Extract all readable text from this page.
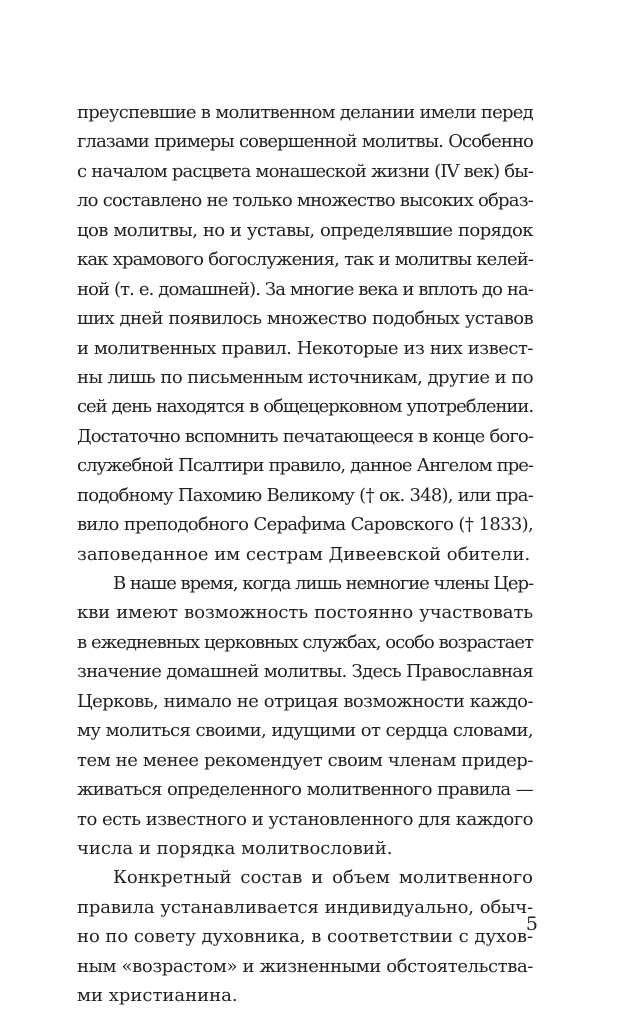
преуспевшие в молитвенном делании имели перед
глазами примеры совершенной молитвы. Особенно
с началом расцвета монашеской жизни (IV век) бы-
ло составлено не только множество высоких образ-
цов молитвы, но и уставы, определявшие порядок
как храмового богослужения, так и молитвы келей-
ной (т. е. домашней). За многие века и вплоть до на-
ших дней появилось множество подобных уставов
и молитвенных правил. Некоторые из них извест-
ны лишь по письменным источникам, другие и по
сей день находятся в общецерковном употреблении.
Достаточно вспомнить печатающееся в конце бого-
служебной Псалтири правило, данное Ангелом пре-
подобному Пахомию Великому († ок. 348), или пра-
вило преподобного Серафима Саровского († 1833),
заповеданное им сестрам Дивеевской обители.
В наше время, когда лишь немногие члены Цер-
кви имеют возможность постоянно участвовать
в ежедневных церковных службах, особо возрастает
значение домашней молитвы. Здесь Православная
Церковь, нимало не отрицая возможности каждо-
му молиться своими, идущими от сердца словами,
тем не менее рекомендует своим членам придер-
живаться определенного молитвенного правила —
то есть известного и установленного для каждого
числа и порядка молитвословий.
Конкретный состав и объем молитвенного
правила устанавливается индивидуально, обыч-
но по совету духовника, в соответствии с духов-
ным «возрастом» и жизненными обстоятельства-
ми христианина.
5
